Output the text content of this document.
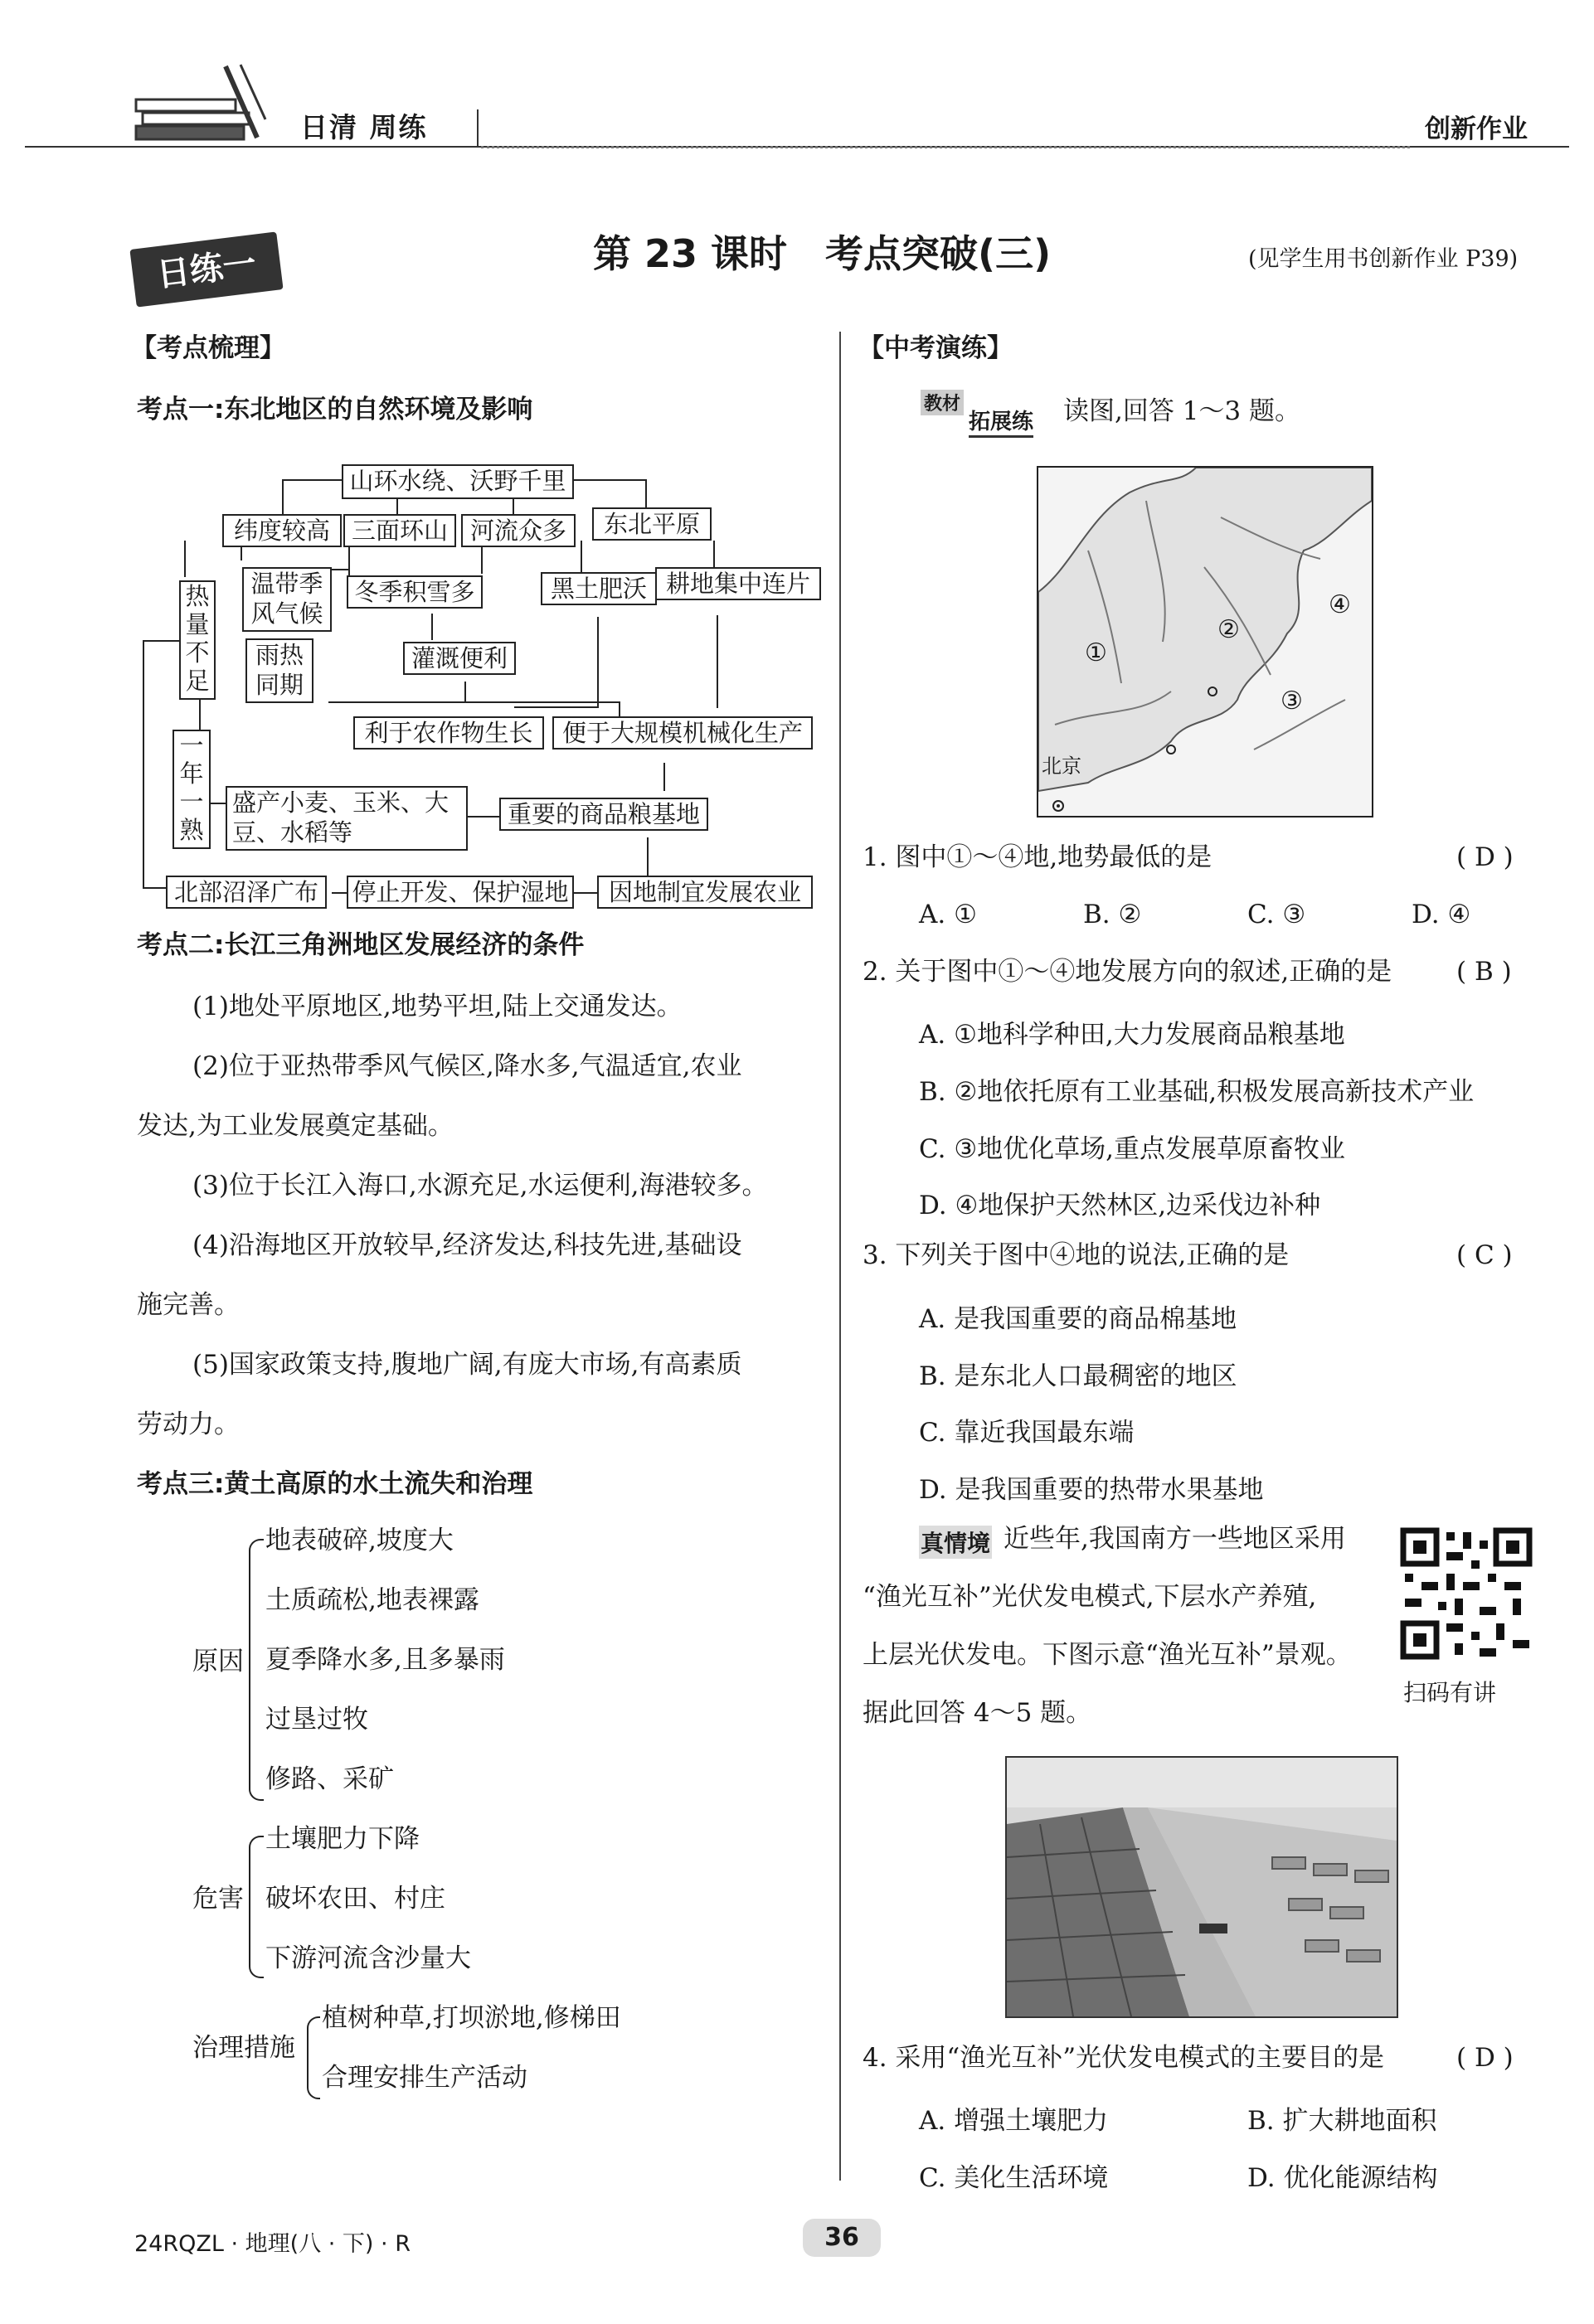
日清 周练	创新作业
日练一	第 23 课时　考点突破(三)	(见学生用书创新作业 P39)
【考点梳理】
考点一:东北地区的自然环境及影响
山环水绕、沃野千里
纬度较高 三面环山 河流众多	东北平原
温带季风气候
冬季积雪多	黑土肥沃 耕地集中连片
雨热同期
灌溉便利
热量不足
利于农作物生长	便于大规模机械化生产
一年一熟
盛产小麦、玉米、大豆、水稻等
重要的商品粮基地
北部沼泽广布	停止开发、保护湿地	因地制宜发展农业
考点二:长江三角洲地区发展经济的条件
(1)地处平原地区,地势平坦,陆上交通发达。
(2)位于亚热带季风气候区,降水多,气温适宜,农业
发达,为工业发展奠定基础。
(3)位于长江入海口,水源充足,水运便利,海港较多。
(4)沿海地区开放较早,经济发达,科技先进,基础设
施完善。
(5)国家政策支持,腹地广阔,有庞大市场,有高素质
劳动力。
考点三:黄土高原的水土流失和治理
原因
地表破碎,坡度大
土质疏松,地表裸露
夏季降水多,且多暴雨
过垦过牧
修路、采矿
危害
土壤肥力下降
破坏农田、村庄
下游河流含沙量大
治理措施
植树种草,打坝淤地,修梯田
合理安排生产活动
【中考演练】
教材
拓展练 读图,回答 1～3 题。
①
②
③
④
北京
1. 图中①～④地,地势最低的是	( D )
A. ①	B. ②	C. ③	D. ④
2. 关于图中①～④地发展方向的叙述,正确的是	( B )
A. ①地科学种田,大力发展商品粮基地
B. ②地依托原有工业基础,积极发展高新技术产业
C. ③地优化草场,重点发展草原畜牧业
D. ④地保护天然林区,边采伐边补种
3. 下列关于图中④地的说法,正确的是	( C )
A. 是我国重要的商品棉基地
B. 是东北人口最稠密的地区
C. 靠近我国最东端
D. 是我国重要的热带水果基地
真情境 近些年,我国南方一些地区采用
“渔光互补”光伏发电模式,下层水产养殖,
上层光伏发电。下图示意“渔光互补”景观。
据此回答 4～5 题。
扫码有讲
4. 采用“渔光互补”光伏发电模式的主要目的是	( D )
A. 增强土壤肥力	B. 扩大耕地面积
C. 美化生活环境	D. 优化能源结构
24RQZL · 地理(八 · 下) · R	36
